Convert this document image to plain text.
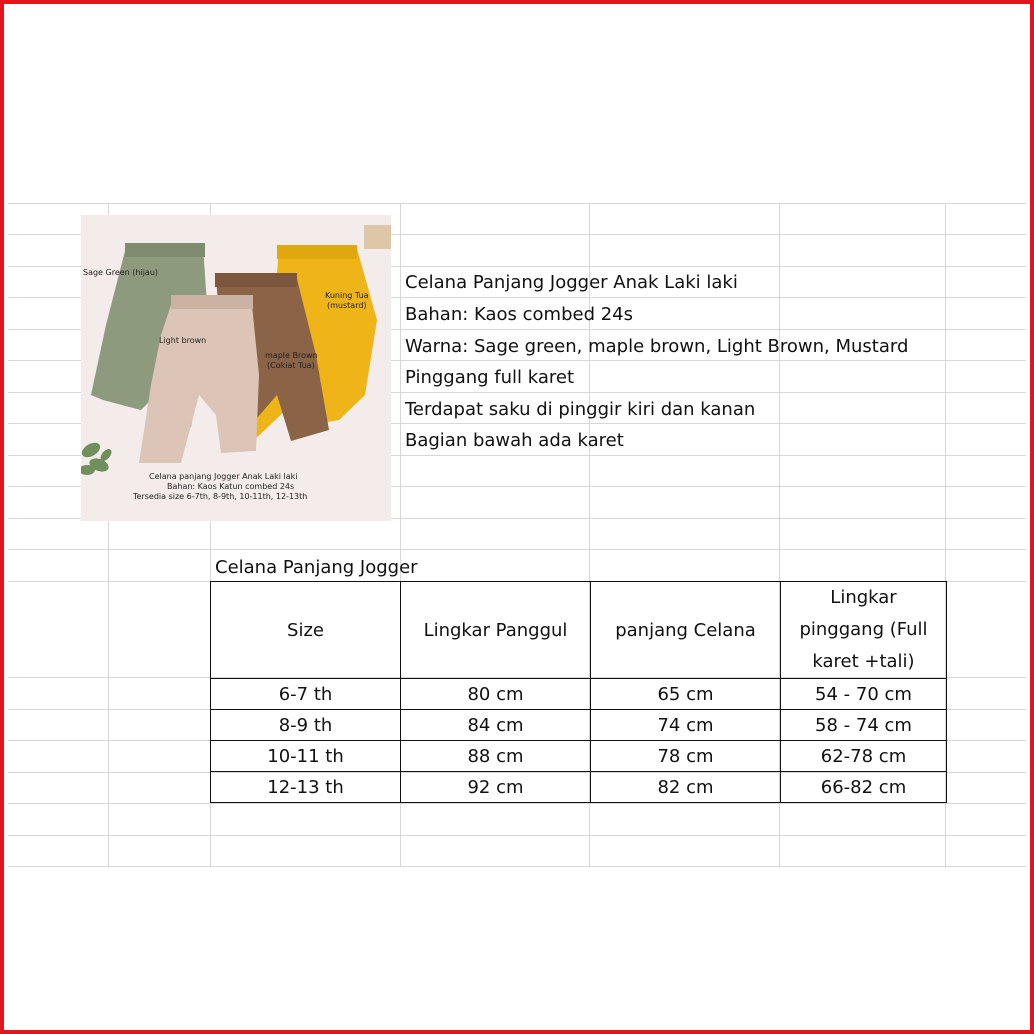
Sage Green (hijau)
Light brown
maple Brown
(Cokiat Tua)
Kuning Tua
(mustard)
Celana panjang Jogger Anak Laki laki
Bahan: Kaos Katun combed 24s
Tersedia size 6-7th, 8-9th, 10-11th, 12-13th
Celana Panjang Jogger Anak Laki laki
Bahan: Kaos combed 24s
Warna: Sage green, maple brown, Light Brown, Mustard
Pinggang full karet
Terdapat saku di pinggir kiri dan kanan
Bagian bawah ada karet
Celana Panjang Jogger
Size	Lingkar Panggul	panjang Celana	Lingkar
pinggang (Full
karet +tali)

6-7 th	80 cm	65 cm	54 - 70 cm
8-9 th	84 cm	74 cm	58 - 74 cm
10-11 th	88 cm	78 cm	62-78 cm
12-13 th	92 cm	82 cm	66-82 cm
